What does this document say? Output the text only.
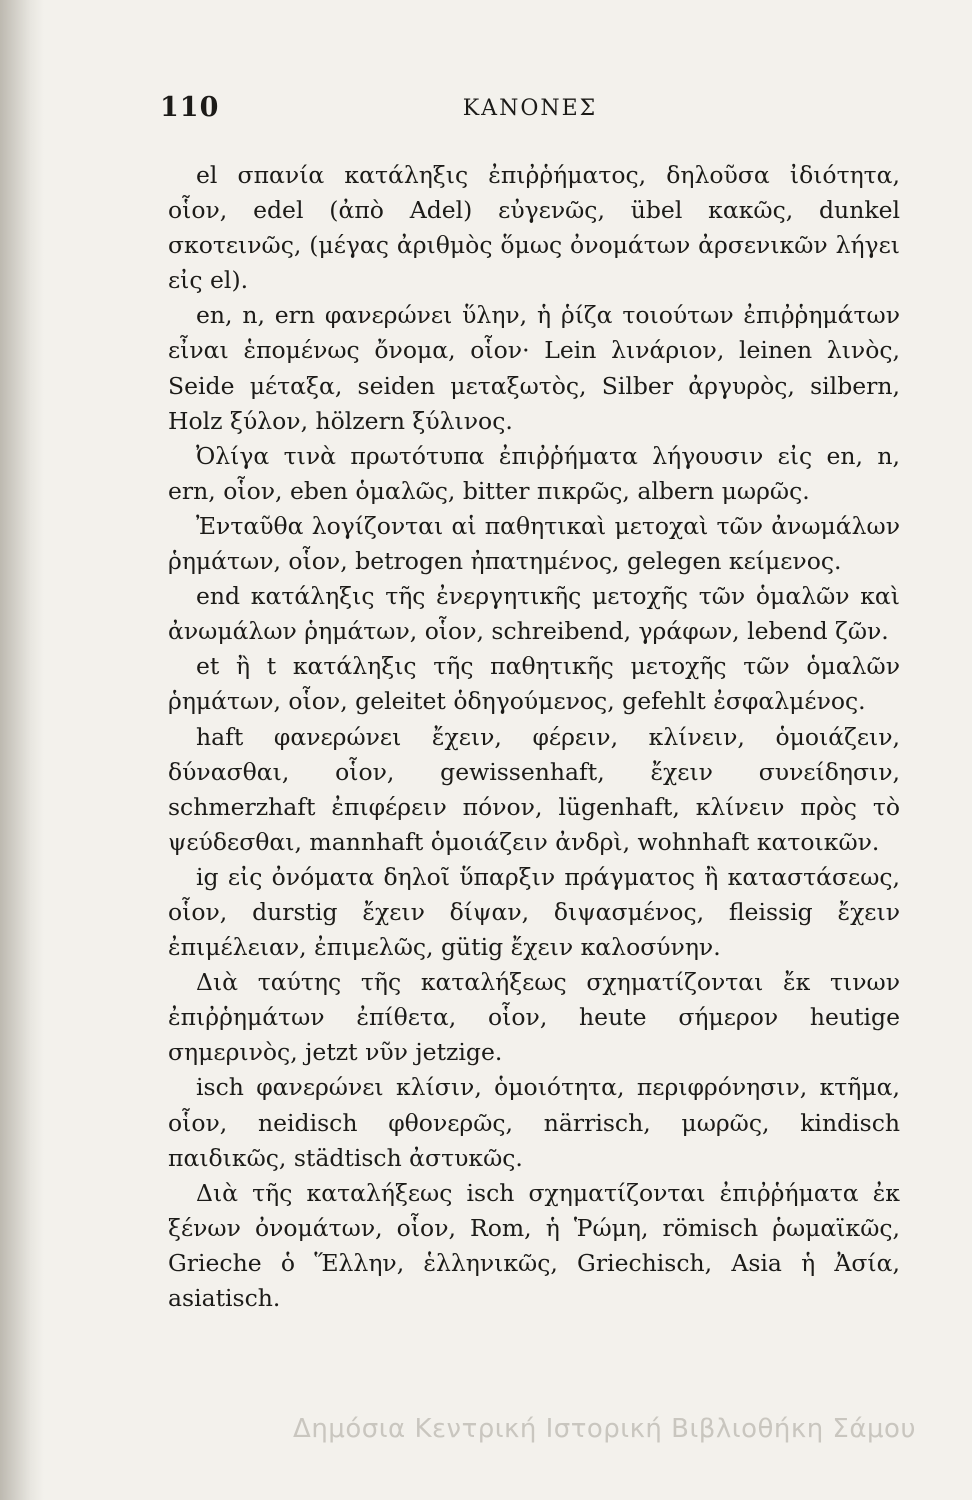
110	ΚΑΝΟΝΕΣ

el σπανία κατάληξις ἐπιῤῥήματος, δηλοῦσα ἰδιότητα, οἷον, edel (ἀπὸ Adel) εὐγενῶς, übel κακῶς, dunkel σκοτεινῶς, (μέγας ἀριθμὸς ὅμως ὀνομάτων ἀρσενικῶν λήγει εἰς el).

en, n, ern φανερώνει ὕλην, ἡ ῥίζα τοιούτων ἐπιῤῥημάτων εἶναι ἑπομένως ὄνομα, οἷον· Lein λινάριον, leinen λινὸς, Seide μέταξα, seiden μεταξωτὸς, Silber ἀργυρὸς, silbern, Holz ξύλον, hölzern ξύλινος.

Ὀλίγα τινὰ πρωτότυπα ἐπιῤῥήματα λήγουσιν εἰς en, n, ern, οἷον, eben ὁμαλῶς, bitter πικρῶς, albern μωρῶς.

Ἐνταῦθα λογίζονται αἱ παθητικαὶ μετοχαὶ τῶν ἀνωμάλων ῥημάτων, οἷον, betrogen ἠπατημένος, gelegen κείμενος.

end κατάληξις τῆς ἐνεργητικῆς μετοχῆς τῶν ὁμαλῶν καὶ ἀνωμάλων ῥημάτων, οἷον, schreibend, γράφων, lebend ζῶν.

et ἢ t κατάληξις τῆς παθητικῆς μετοχῆς τῶν ὁμαλῶν ῥημάτων, οἷον, geleitet ὁδηγούμενος, gefehlt ἐσφαλμένος.

haft φανερώνει ἔχειν, φέρειν, κλίνειν, ὁμοιάζειν, δύνασθαι, οἷον, gewissenhaft, ἔχειν συνείδησιν, schmerzhaft ἐπιφέρειν πόνον, lügenhaft, κλίνειν πρὸς τὸ ψεύδεσθαι, mannhaft ὁμοιάζειν ἀνδρὶ, wohnhaft κατοικῶν.

ig εἰς ὀνόματα δηλοῖ ὕπαρξιν πράγματος ἢ καταστάσεως, οἷον, durstig ἔχειν δίψαν, διψασμένος, fleissig ἔχειν ἐπιμέλειαν, ἐπιμελῶς, gütig ἔχειν καλοσύνην.

Διὰ ταύτης τῆς καταλήξεως σχηματίζονται ἔκ τινων ἐπιῤῥημάτων ἐπίθετα, οἷον, heute σήμερον heutige σημερινὸς, jetzt νῦν jetzige.

isch φανερώνει κλίσιν, ὁμοιότητα, περιφρόνησιν, κτῆμα, οἷον, neidisch φθονερῶς, närrisch, μωρῶς, kindisch παιδικῶς, städtisch ἀστυκῶς.

Διὰ τῆς καταλήξεως isch σχηματίζονται ἐπιῤῥήματα ἐκ ξένων ὀνομάτων, οἷον, Rom, ἡ Ῥώμη, römisch ῥωμαϊκῶς, Grieche ὁ Ἕλλην, ἑλληνικῶς, Griechisch, Asia ἡ Ἀσία, asiatisch.

Δημόσια Κεντρική Ιστορική Βιβλιοθήκη Σάμου
